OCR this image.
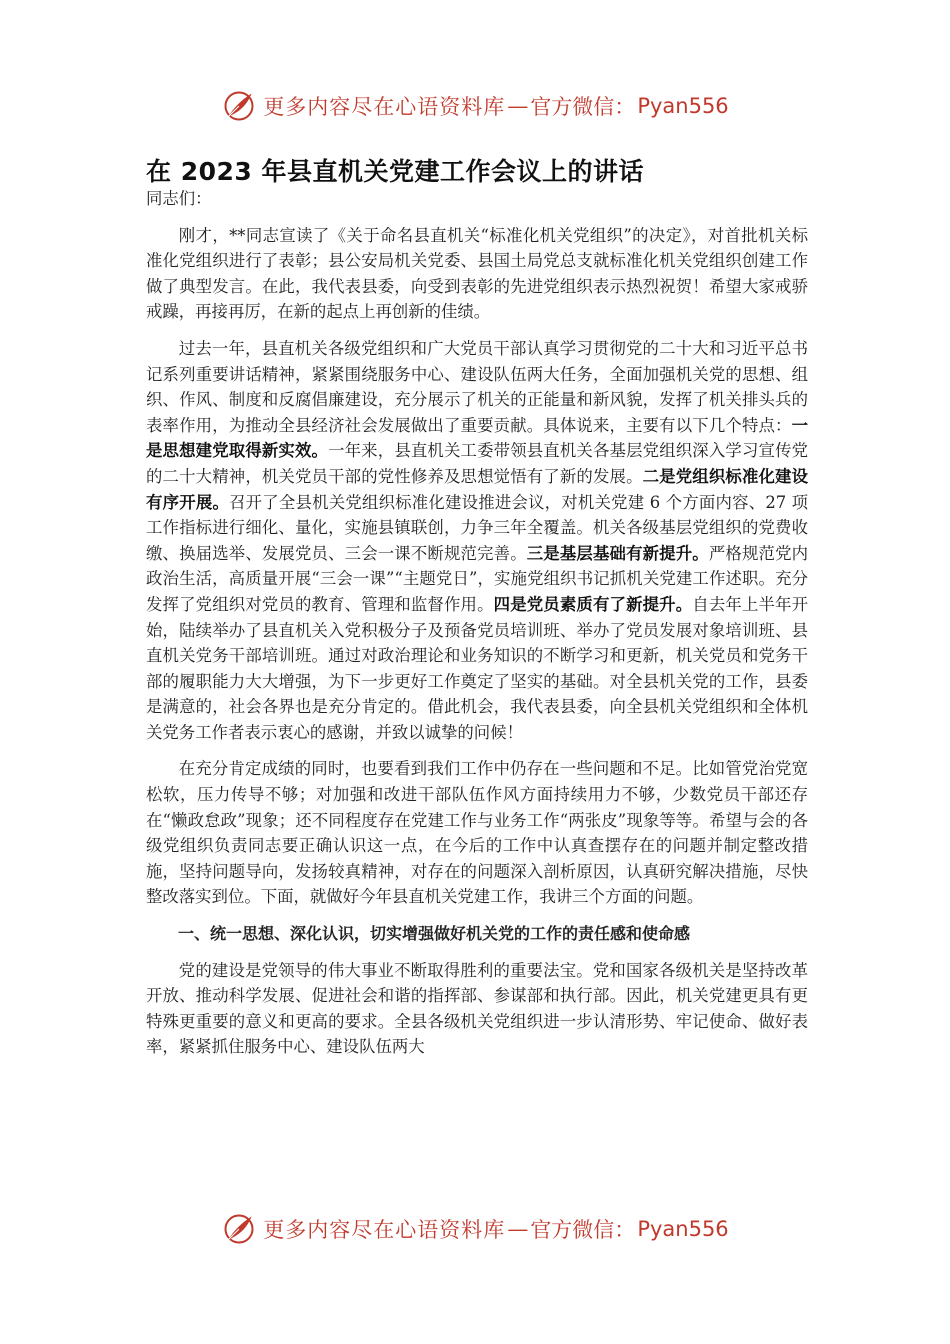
更多内容尽在心语资料库 — 官方微信： Pyan556
在 2023 年县直机关党建工作会议上的讲话

同志们：

刚才，**同志宣读了《关于命名县直机关“标准化机关党组织”的决定》，对首批机关标准化党组织进行了表彰；县公安局机关党委、县国土局党总支就标准化机关党组织创建工作做了典型发言。在此，我代表县委，向受到表彰的先进党组织表示热烈祝贺！希望大家戒骄戒躁，再接再厉，在新的起点上再创新的佳绩。

过去一年，县直机关各级党组织和广大党员干部认真学习贯彻党的二十大和习近平总书记系列重要讲话精神，紧紧围绕服务中心、建设队伍两大任务，全面加强机关党的思想、组织、作风、制度和反腐倡廉建设，充分展示了机关的正能量和新风貌，发挥了机关排头兵的表率作用，为推动全县经济社会发展做出了重要贡献。具体说来，主要有以下几个特点：一是思想建党取得新实效。一年来，县直机关工委带领县直机关各基层党组织深入学习宣传党的二十大精神，机关党员干部的党性修养及思想觉悟有了新的发展。二是党组织标准化建设有序开展。召开了全县机关党组织标准化建设推进会议，对机关党建 6 个方面内容、27 项工作指标进行细化、量化，实施县镇联创，力争三年全覆盖。机关各级基层党组织的党费收缴、换届选举、发展党员、三会一课不断规范完善。三是基层基础有新提升。严格规范党内政治生活，高质量开展“三会一课”“主题党日”，实施党组织书记抓机关党建工作述职。充分发挥了党组织对党员的教育、管理和监督作用。四是党员素质有了新提升。自去年上半年开始，陆续举办了县直机关入党积极分子及预备党员培训班、举办了党员发展对象培训班、县直机关党务干部培训班。通过对政治理论和业务知识的不断学习和更新，机关党员和党务干部的履职能力大大增强，为下一步更好工作奠定了坚实的基础。对全县机关党的工作，县委是满意的，社会各界也是充分肯定的。借此机会，我代表县委，向全县机关党组织和全体机关党务工作者表示衷心的感谢，并致以诚挚的问候！

在充分肯定成绩的同时，也要看到我们工作中仍存在一些问题和不足。比如管党治党宽松软，压力传导不够；对加强和改进干部队伍作风方面持续用力不够，少数党员干部还存在“懒政怠政”现象；还不同程度存在党建工作与业务工作“两张皮”现象等等。希望与会的各级党组织负责同志要正确认识这一点，在今后的工作中认真查摆存在的问题并制定整改措施，坚持问题导向，发扬较真精神，对存在的问题深入剖析原因，认真研究解决措施，尽快整改落实到位。下面，就做好今年县直机关党建工作，我讲三个方面的问题。

一、统一思想、深化认识，切实增强做好机关党的工作的责任感和使命感

党的建设是党领导的伟大事业不断取得胜利的重要法宝。党和国家各级机关是坚持改革开放、推动科学发展、促进社会和谐的指挥部、参谋部和执行部。因此，机关党建更具有更特殊更重要的意义和更高的要求。全县各级机关党组织进一步认清形势、牢记使命、做好表率，紧紧抓住服务中心、建设队伍两大

更多内容尽在心语资料库 — 官方微信： Pyan556
